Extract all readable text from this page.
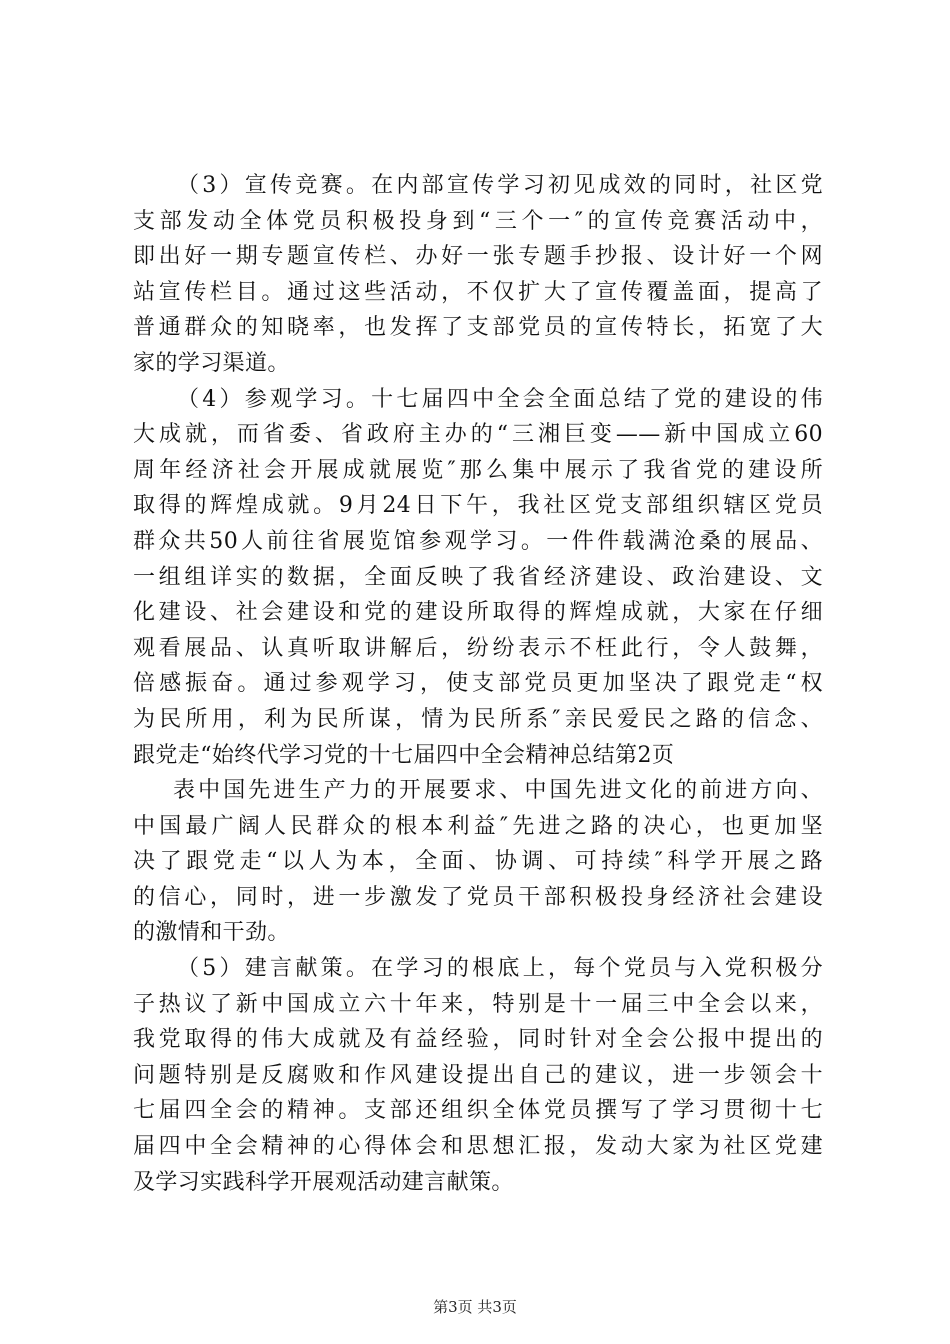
（3）宣传竞赛。在内部宣传学习初见成效的同时，社区党
支部发动全体党员积极投身到“三个一″的宣传竞赛活动中，
即出好一期专题宣传栏、办好一张专题手抄报、设计好一个网
站宣传栏目。通过这些活动，不仅扩大了宣传覆盖面，提高了
普通群众的知晓率，也发挥了支部党员的宣传特长，拓宽了大
家的学习渠道。
（4）参观学习。十七届四中全会全面总结了党的建设的伟
大成就，而省委、省政府主办的“三湘巨变——新中国成立60
周年经济社会开展成就展览″那么集中展示了我省党的建设所
取得的辉煌成就。9月24日下午，我社区党支部组织辖区党员
群众共50人前往省展览馆参观学习。一件件载满沧桑的展品、
一组组详实的数据，全面反映了我省经济建设、政治建设、文
化建设、社会建设和党的建设所取得的辉煌成就，大家在仔细
观看展品、认真听取讲解后，纷纷表示不枉此行，令人鼓舞，
倍感振奋。通过参观学习，使支部党员更加坚决了跟党走“权
为民所用，利为民所谋，情为民所系″亲民爱民之路的信念、
跟党走“始终代学习党的十七届四中全会精神总结第2页
表中国先进生产力的开展要求、中国先进文化的前进方向、
中国最广阔人民群众的根本利益″先进之路的决心，也更加坚
决了跟党走“以人为本，全面、协调、可持续″科学开展之路
的信心，同时，进一步激发了党员干部积极投身经济社会建设
的激情和干劲。
（5）建言献策。在学习的根底上，每个党员与入党积极分
子热议了新中国成立六十年来，特别是十一届三中全会以来，
我党取得的伟大成就及有益经验，同时针对全会公报中提出的
问题特别是反腐败和作风建设提出自己的建议，进一步领会十
七届四全会的精神。支部还组织全体党员撰写了学习贯彻十七
届四中全会精神的心得体会和思想汇报，发动大家为社区党建
及学习实践科学开展观活动建言献策。
第3页 共3页
